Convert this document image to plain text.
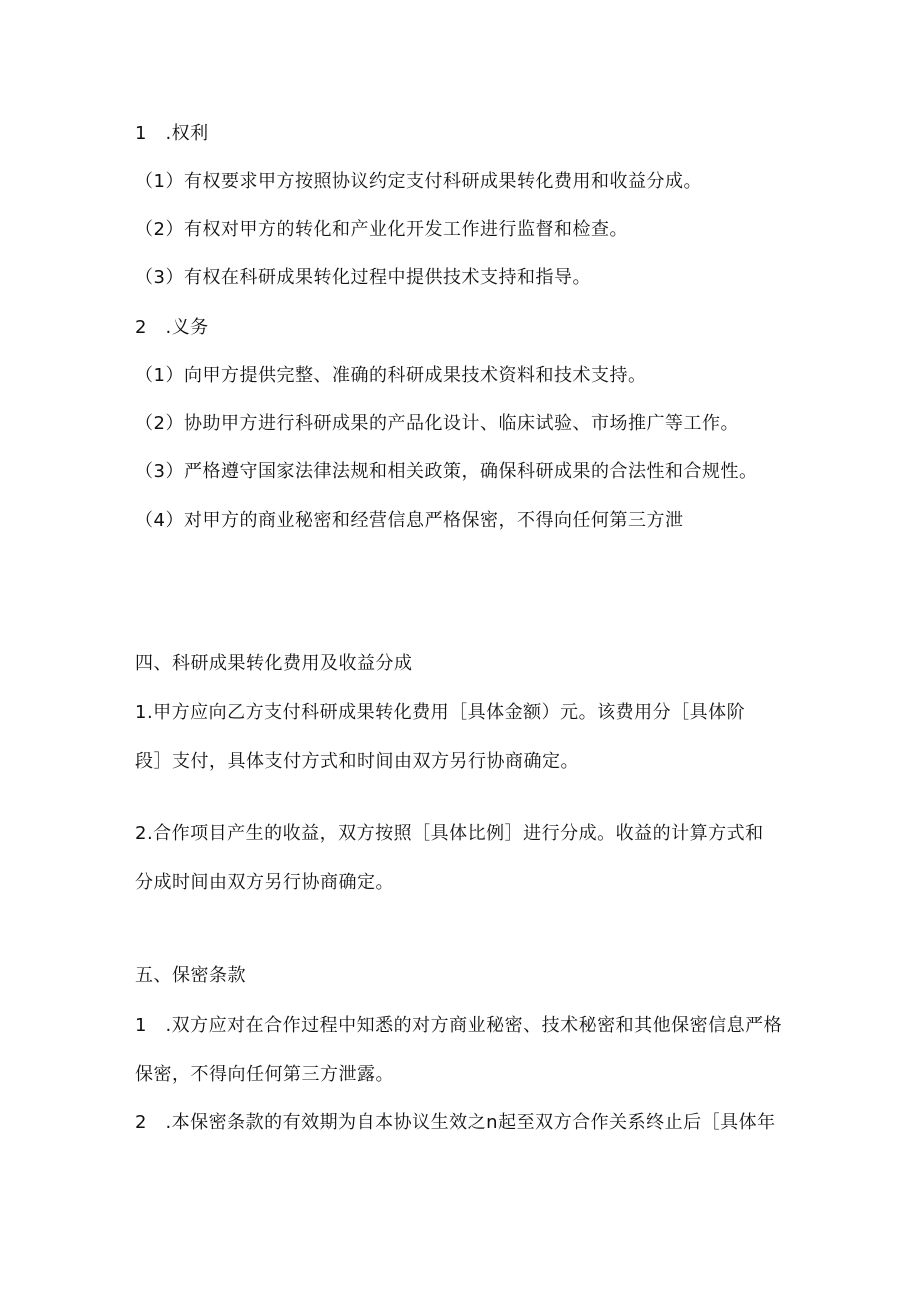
1　.权利
（1）有权要求甲方按照协议约定支付科研成果转化费用和收益分成。
（2）有权对甲方的转化和产业化开发工作进行监督和检查。
（3）有权在科研成果转化过程中提供技术支持和指导。
2　.义务
（1）向甲方提供完整、准确的科研成果技术资料和技术支持。
（2）协助甲方进行科研成果的产品化设计、临床试验、市场推广等工作。
（3）严格遵守国家法律法规和相关政策，确保科研成果的合法性和合规性。
（4）对甲方的商业秘密和经营信息严格保密，不得向任何第三方泄
四、科研成果转化费用及收益分成
1.甲方应向乙方支付科研成果转化费用［具体金额）元。该费用分［具体阶
段］支付，具体支付方式和时间由双方另行协商确定。
2.合作项目产生的收益，双方按照［具体比例］进行分成。收益的计算方式和
分成时间由双方另行协商确定。
五、保密条款
1　.双方应对在合作过程中知悉的对方商业秘密、技术秘密和其他保密信息严格
保密，不得向任何第三方泄露。
2　.本保密条款的有效期为自本协议生效之n起至双方合作关系终止后［具体年
